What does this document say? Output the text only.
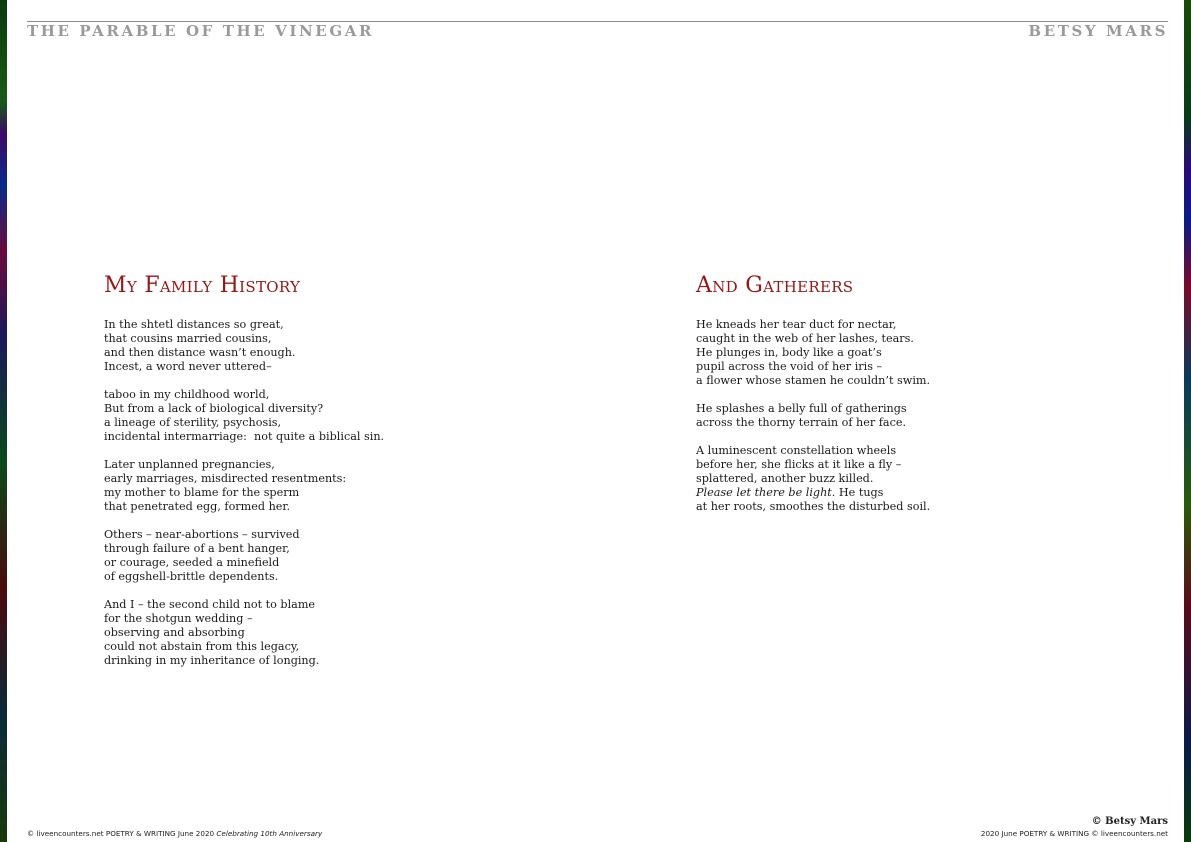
THE PARABLE OF THE VINEGAR	BETSY MARS
My Family History
In the shtetl distances so great,
that cousins married cousins,
and then distance wasn’t enough.
Incest, a word never uttered–
taboo in my childhood world,
But from a lack of biological diversity?
a lineage of sterility, psychosis,
incidental intermarriage:  not quite a biblical sin.
Later unplanned pregnancies,
early marriages, misdirected resentments:
my mother to blame for the sperm
that penetrated egg, formed her.
Others – near-abortions – survived
through failure of a bent hanger,
or courage, seeded a minefield
of eggshell-brittle dependents.
And I – the second child not to blame
for the shotgun wedding –
observing and absorbing
could not abstain from this legacy,
drinking in my inheritance of longing.
And Gatherers
He kneads her tear duct for nectar,
caught in the web of her lashes, tears.
He plunges in, body like a goat’s
pupil across the void of her iris –
a flower whose stamen he couldn’t swim.
He splashes a belly full of gatherings
across the thorny terrain of her face.
A luminescent constellation wheels
before her, she flicks at it like a fly –
splattered, another buzz killed.
Please let there be light. He tugs
at her roots, smoothes the disturbed soil.
© liveencounters.net POETRY & WRITING June 2020 Celebrating 10th Anniversary
© Betsy Mars
2020 June POETRY & WRITING © liveencounters.net
